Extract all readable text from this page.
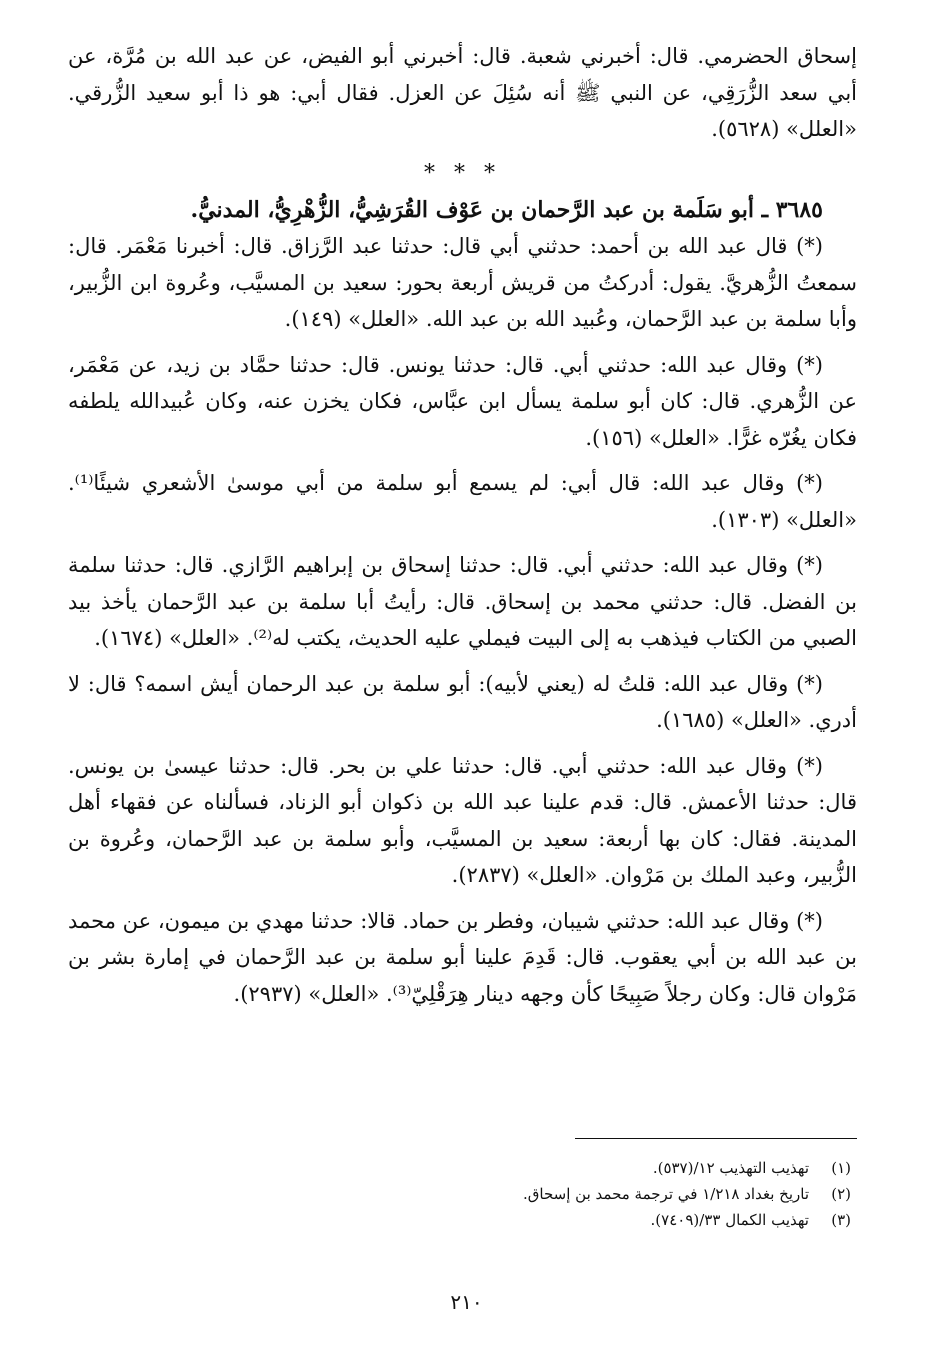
إسحاق الحضرمي. قال: أخبرني شعبة. قال: أخبرني أبو الفيض، عن عبد الله بن مُرَّة، عن أبي سعد الزُّرَقِي، عن النبي ﷺ أنه سُئِلَ عن العزل. فقال أبي: هو ذا أبو سعيد الزُّرقي. «العلل» (٥٦٢٨).

* * *

٣٦٨٥ ـ أبو سَلَمة بن عبد الرَّحمان بن عَوْف القُرَشِيُّ، الزُّهْرِيُّ، المدنيُّ.

(*) قال عبد الله بن أحمد: حدثني أبي قال: حدثنا عبد الرَّزاق. قال: أخبرنا مَعْمَر. قال: سمعتُ الزُّهريَّ. يقول: أدركتُ من قريش أربعة بحور: سعيد بن المسيَّب، وعُروة ابن الزُّبير، وأبا سلمة بن عبد الرَّحمان، وعُبيد الله بن عبد الله. «العلل» (١٤٩).

(*) وقال عبد الله: حدثني أبي. قال: حدثنا يونس. قال: حدثنا حمَّاد بن زيد، عن مَعْمَر، عن الزُّهري. قال: كان أبو سلمة يسأل ابن عبَّاس، فكان يخزن عنه، وكان عُبيدالله يلطفه فكان يغُرّه غرًّا. «العلل» (١٥٦).

(*) وقال عبد الله: قال أبي: لم يسمع أبو سلمة من أبي موسىٰ الأشعري شيئًا⁽¹⁾. «العلل» (١٣٠٣).

(*) وقال عبد الله: حدثني أبي. قال: حدثنا إسحاق بن إبراهيم الرَّازي. قال: حدثنا سلمة بن الفضل. قال: حدثني محمد بن إسحاق. قال: رأيتُ أبا سلمة بن عبد الرَّحمان يأخذ بيد الصبي من الكتاب فيذهب به إلى البيت فيملي عليه الحديث، يكتب له⁽²⁾. «العلل» (١٦٧٤).

(*) وقال عبد الله: قلتُ له (يعني لأبيه): أبو سلمة بن عبد الرحمان أيش اسمه؟ قال: لا أدري. «العلل» (١٦٨٥).

(*) وقال عبد الله: حدثني أبي. قال: حدثنا علي بن بحر. قال: حدثنا عيسىٰ بن يونس. قال: حدثنا الأعمش. قال: قدم علينا عبد الله بن ذكوان أبو الزناد، فسألناه عن فقهاء أهل المدينة. فقال: كان بها أربعة: سعيد بن المسيَّب، وأبو سلمة بن عبد الرَّحمان، وعُروة بن الزُّبير، وعبد الملك بن مَرْوان. «العلل» (٢٨٣٧).

(*) وقال عبد الله: حدثني شيبان، وفطر بن حماد. قالا: حدثنا مهدي بن ميمون، عن محمد بن عبد الله بن أبي يعقوب. قال: قَدِمَ علينا أبو سلمة بن عبد الرَّحمان في إمارة بشر بن مَرْوان قال: وكان رجلاً صَبِيحًا كأن وجهه دينار هِرَقْلِيّ⁽³⁾. «العلل» (٢٩٣٧).

(١)
تهذيب التهذيب ١٢/(٥٣٧).
(٢)
تاريخ بغداد ١/٢١٨ في ترجمة محمد بن إسحاق.
(٣)
تهذيب الكمال ٣٣/(٧٤٠٩).
٢١٠
